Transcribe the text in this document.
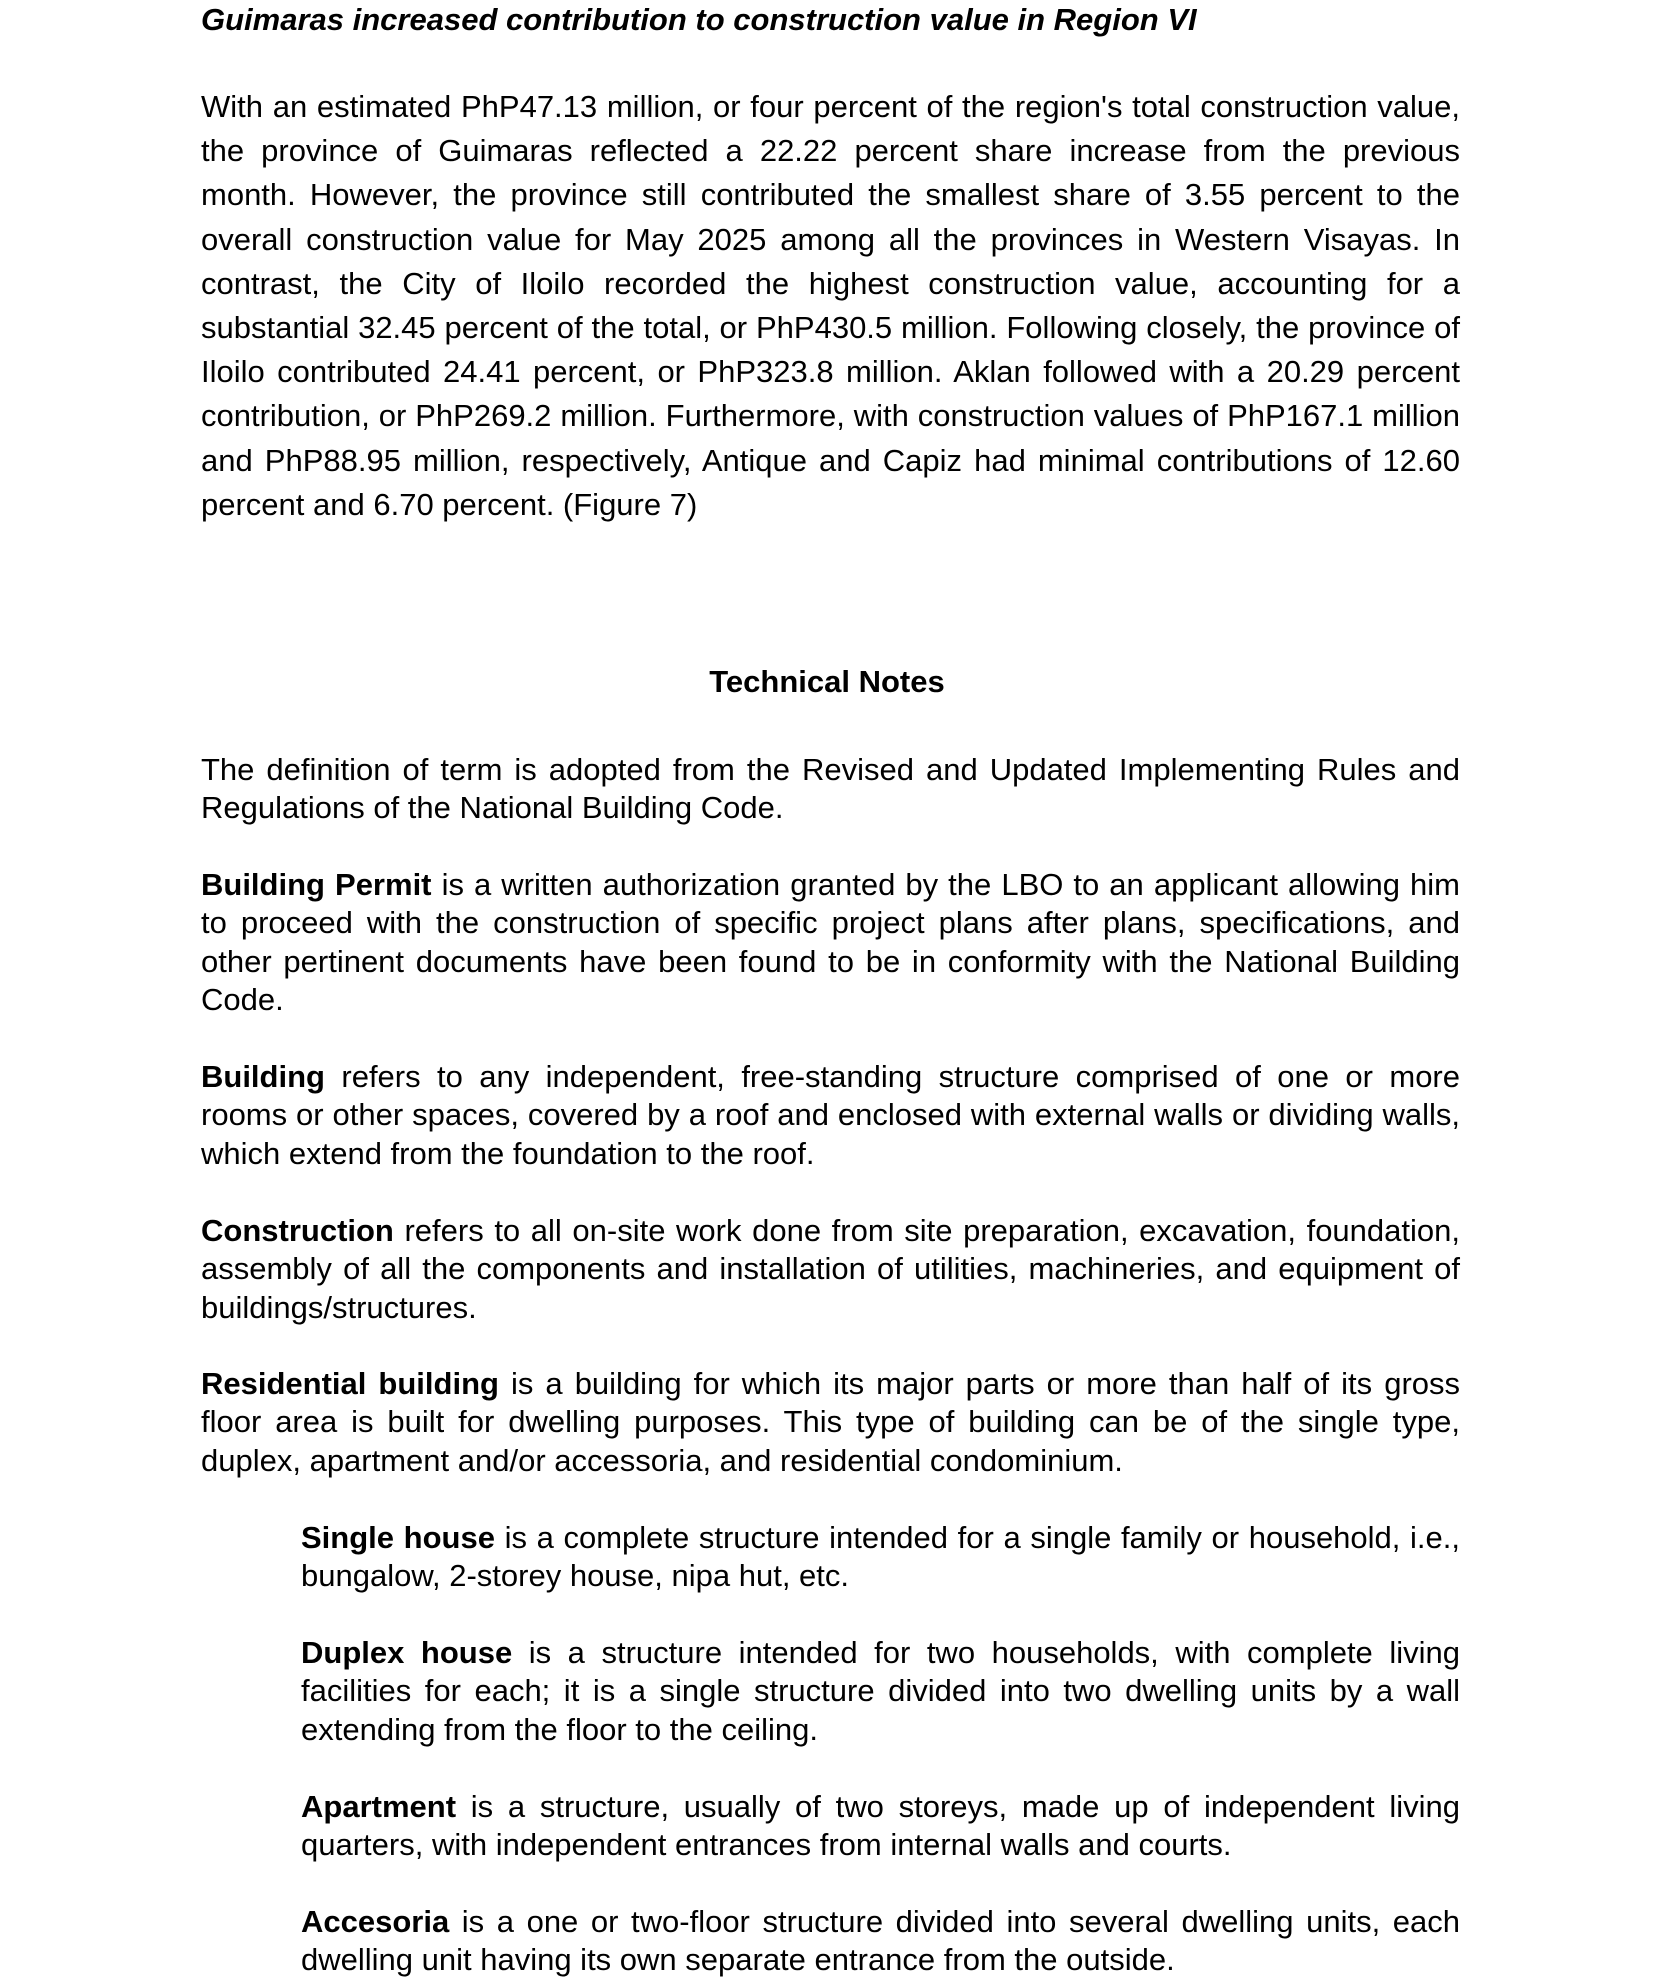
Guimaras increased contribution to construction value in Region VI

With an estimated PhP47.13 million, or four percent of the region's total construction value, the province of Guimaras reflected a 22.22 percent share increase from the previous month. However, the province still contributed the smallest share of 3.55 percent to the overall construction value for May 2025 among all the provinces in Western Visayas. In contrast, the City of Iloilo recorded the highest construction value, accounting for a substantial 32.45 percent of the total, or PhP430.5 million. Following closely, the province of Iloilo contributed 24.41 percent, or PhP323.8 million. Aklan followed with a 20.29 percent contribution, or PhP269.2 million. Furthermore, with construction values of PhP167.1 million and PhP88.95 million, respectively, Antique and Capiz had minimal contributions of 12.60 percent and 6.70 percent. (Figure 7)

Technical Notes

The definition of term is adopted from the Revised and Updated Implementing Rules and Regulations of the National Building Code.

Building Permit is a written authorization granted by the LBO to an applicant allowing him to proceed with the construction of specific project plans after plans, specifications, and other pertinent documents have been found to be in conformity with the National Building Code.

Building refers to any independent, free-standing structure comprised of one or more rooms or other spaces, covered by a roof and enclosed with external walls or dividing walls, which extend from the foundation to the roof.

Construction refers to all on-site work done from site preparation, excavation, foundation, assembly of all the components and installation of utilities, machineries, and equipment of buildings/structures.

Residential building is a building for which its major parts or more than half of its gross floor area is built for dwelling purposes. This type of building can be of the single type, duplex, apartment and/or accessoria, and residential condominium.

Single house is a complete structure intended for a single family or household, i.e., bungalow, 2-storey house, nipa hut, etc.

Duplex house is a structure intended for two households, with complete living facilities for each; it is a single structure divided into two dwelling units by a wall extending from the floor to the ceiling.

Apartment is a structure, usually of two storeys, made up of independent living quarters, with independent entrances from internal walls and courts.

Accesoria is a one or two-floor structure divided into several dwelling units, each dwelling unit having its own separate entrance from the outside.
